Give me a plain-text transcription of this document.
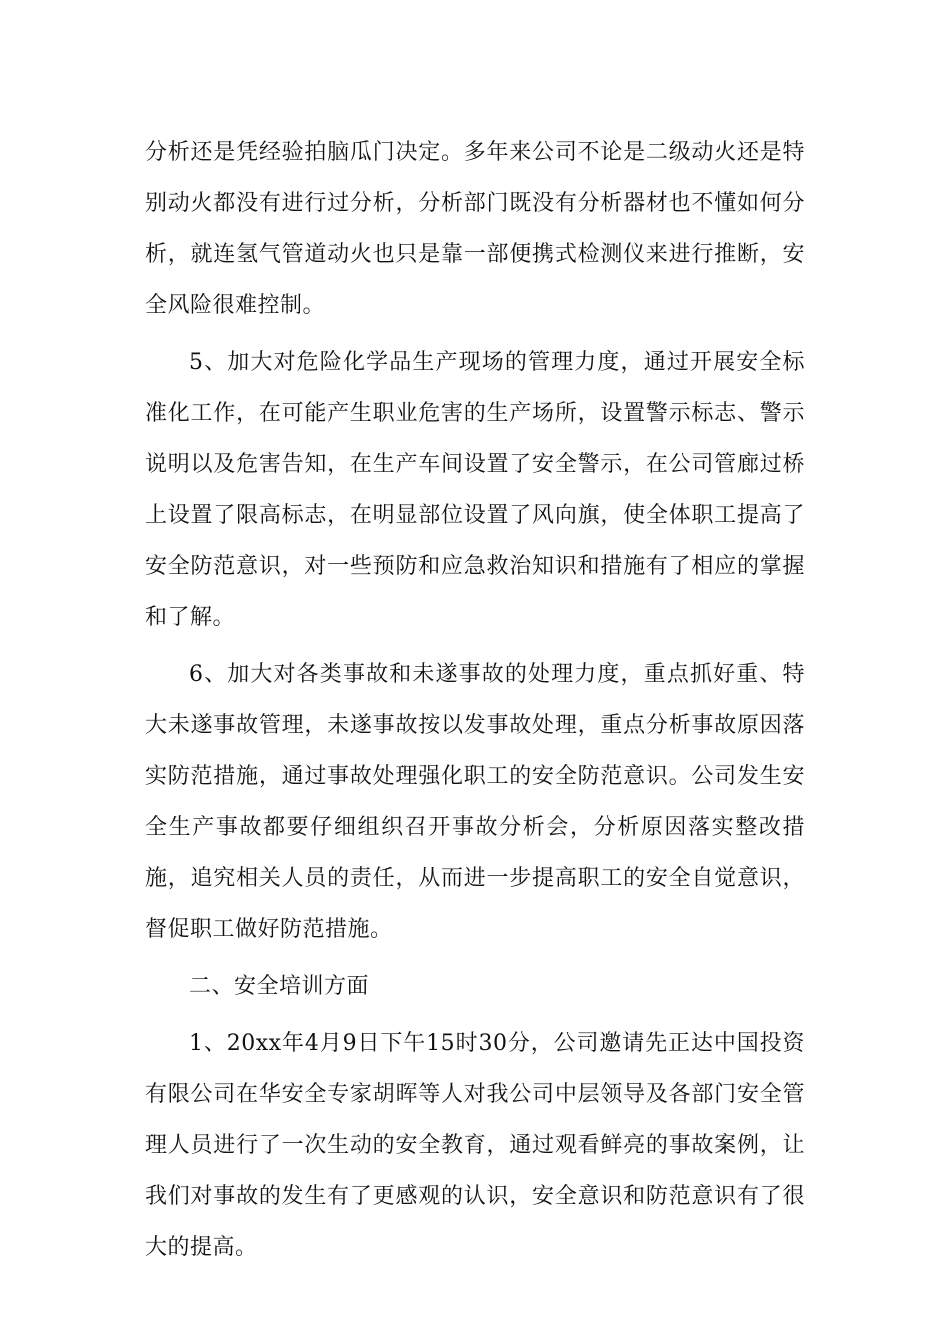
分析还是凭经验拍脑瓜门决定。多年来公司不论是二级动火还是特别动火都没有进行过分析，分析部门既没有分析器材也不懂如何分析，就连氢气管道动火也只是靠一部便携式检测仪来进行推断，安全风险很难控制。

5、加大对危险化学品生产现场的管理力度，通过开展安全标准化工作，在可能产生职业危害的生产场所，设置警示标志、警示说明以及危害告知，在生产车间设置了安全警示，在公司管廊过桥上设置了限高标志，在明显部位设置了风向旗，使全体职工提高了安全防范意识，对一些预防和应急救治知识和措施有了相应的掌握和了解。

6、加大对各类事故和未遂事故的处理力度，重点抓好重、特大未遂事故管理，未遂事故按以发事故处理，重点分析事故原因落实防范措施，通过事故处理强化职工的安全防范意识。公司发生安全生产事故都要仔细组织召开事故分析会，分析原因落实整改措施，追究相关人员的责任，从而进一步提高职工的安全自觉意识，督促职工做好防范措施。

二、安全培训方面

1、20xx年4月9日下午15时30分，公司邀请先正达中国投资有限公司在华安全专家胡晖等人对我公司中层领导及各部门安全管理人员进行了一次生动的安全教育，通过观看鲜亮的事故案例，让我们对事故的发生有了更感观的认识，安全意识和防范意识有了很大的提高。
